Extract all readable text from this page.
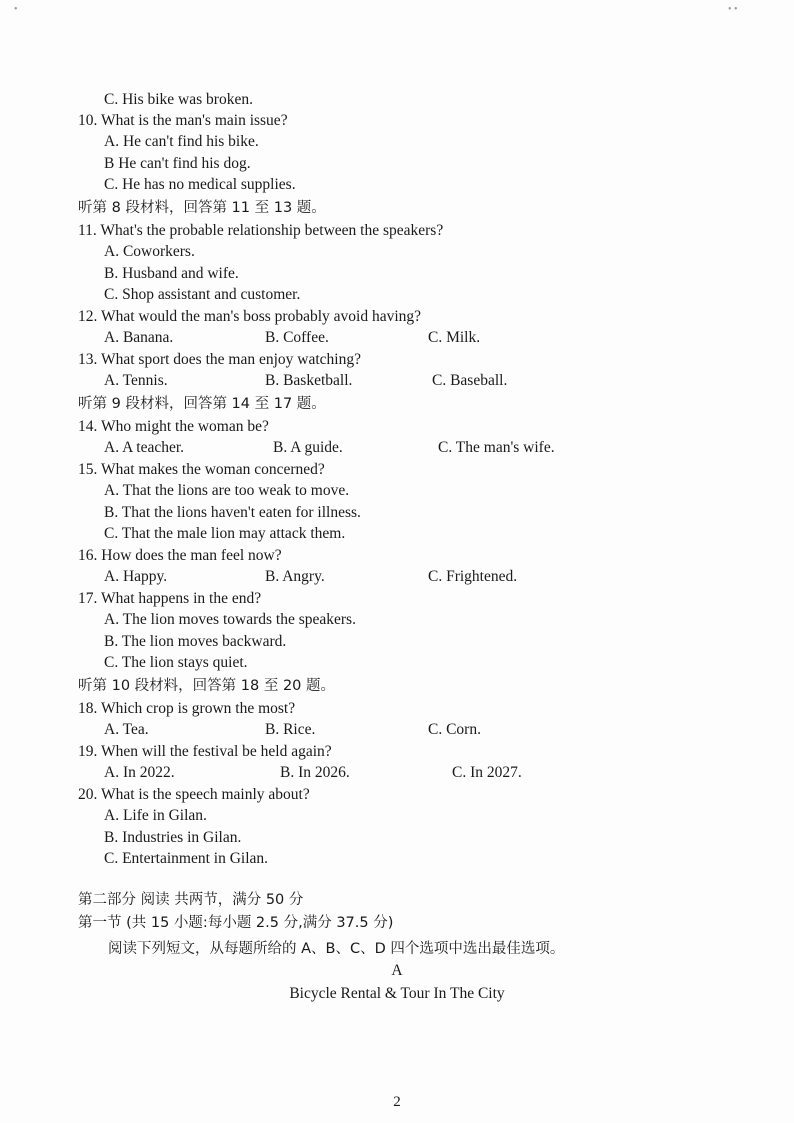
•	• •
C. His bike was broken.
10. What is the man's main issue?
A. He can't find his bike.
B He can't find his dog.
C. He has no medical supplies.
听第 8 段材料，回答第 11 至 13 题。
11. What's the probable relationship between the speakers?
A. Coworkers.
B. Husband and wife.
C. Shop assistant and customer.
12. What would the man's boss probably avoid having?
A. Banana.	B. Coffee.	C. Milk.
13. What sport does the man enjoy watching?
A. Tennis.	B. Basketball.	C. Baseball.
听第 9 段材料，回答第 14 至 17 题。
14. Who might the woman be?
A. A teacher.	B. A guide.	C. The man's wife.
15. What makes the woman concerned?
A. That the lions are too weak to move.
B. That the lions haven't eaten for illness.
C. That the male lion may attack them.
16. How does the man feel now?
A. Happy.	B. Angry.	C. Frightened.
17. What happens in the end?
A. The lion moves towards the speakers.
B. The lion moves backward.
C. The lion stays quiet.
听第 10 段材料，回答第 18 至 20 题。
18. Which crop is grown the most?
A. Tea.	B. Rice.	C. Corn.
19. When will the festival be held again?
A. In 2022.	B. In 2026.	C. In 2027.
20. What is the speech mainly about?
A. Life in Gilan.
B. Industries in Gilan.
C. Entertainment in Gilan.
第二部分 阅读 共两节，满分 50 分
第一节 (共 15 小题:每小题 2.5 分,满分 37.5 分)
阅读下列短文，从每题所给的 A、B、C、D 四个选项中选出最佳选项。
A
Bicycle Rental & Tour In The City
2
